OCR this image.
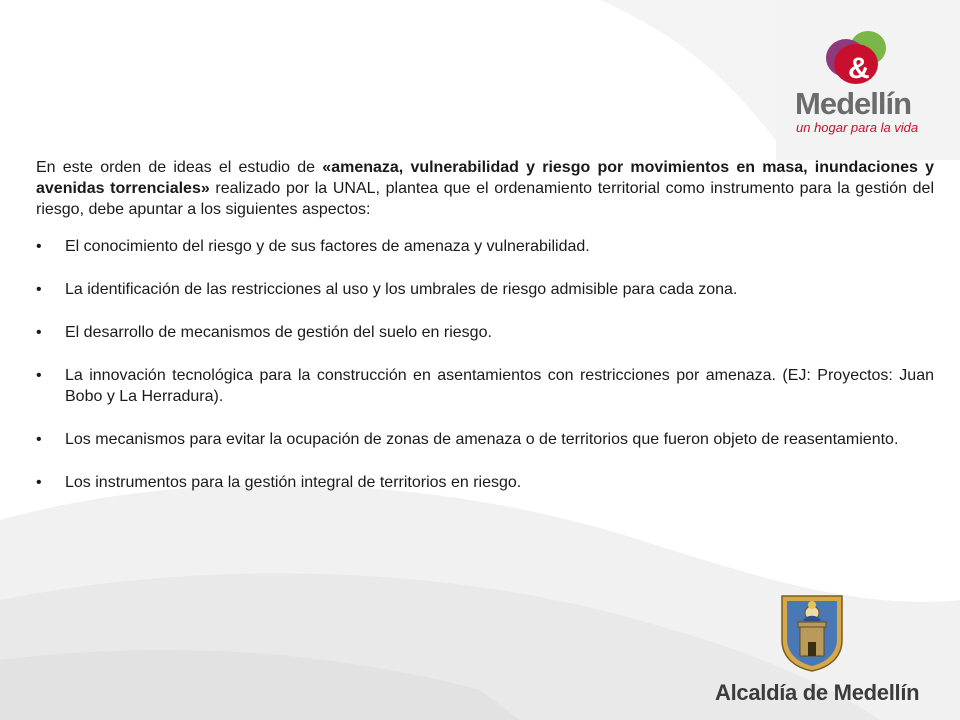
&
Medellín
un hogar para la vida

En este orden de ideas el estudio de «amenaza, vulnerabilidad y riesgo por movimientos en masa, inundaciones y avenidas torrenciales» realizado por la UNAL, plantea que el ordenamiento territorial como instrumento para la gestión del riesgo, debe apuntar a los siguientes aspectos:

• El conocimiento del riesgo y de sus factores de amenaza y vulnerabilidad.
• La identificación de las restricciones al uso y los umbrales de riesgo admisible para cada zona.
• El desarrollo de mecanismos de gestión del suelo en riesgo.
• La innovación tecnológica para la construcción en asentamientos con restricciones por amenaza. (EJ: Proyectos: Juan Bobo y La Herradura).
• Los mecanismos para evitar la ocupación de zonas de amenaza o de territorios que fueron objeto de reasentamiento.
• Los instrumentos para la gestión integral de territorios en riesgo.
Alcaldía de Medellín
